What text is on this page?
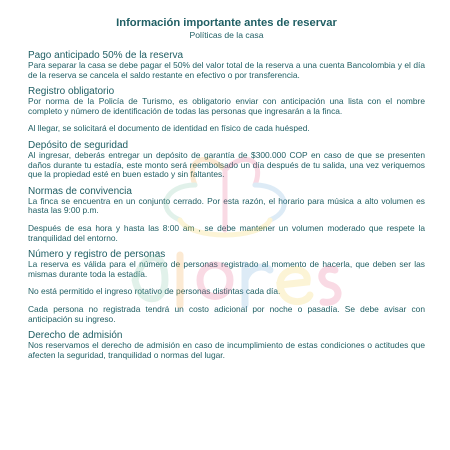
Información importante antes de reservar
Políticas de la casa
Pago anticipado 50% de la reserva

Para separar la casa se debe pagar el 50% del valor total de la reserva a una cuenta Bancolombia y el día de la reserva se cancela el saldo restante en efectivo o por transferencia.

Registro obligatorio

Por norma de la Policía de Turismo, es obligatorio enviar con anticipación una lista con el nombre completo y número de identificación de todas las personas que ingresarán a la finca.

Al llegar, se solicitará el documento de identidad en físico de cada huésped.

Depósito de seguridad

Al ingresar, deberás entregar un depósito de garantía de $300.000 COP en caso de que se presenten daños durante tu estadía, este monto será reembolsado un día después de tu salida, una vez veriquemos que la propiedad esté en buen estado y sin faltantes.

Normas de convivencia

La finca se encuentra en un conjunto cerrado. Por esta razón, el horario para música a alto volumen es hasta las 9:00 p.m.

Después de esa hora y hasta las 8:00 am , se debe mantener un volumen moderado que respete la tranquilidad del entorno.

Número y registro de personas

La reserva es válida para el número de personas registrado al momento de hacerla, que deben ser las mismas durante toda la estadía.

No está permitido el ingreso rotativo de personas distintas cada día.

Cada persona no registrada tendrá un costo adicional por noche o pasadía. Se debe avisar con anticipación su ingreso.

Derecho de admisión

Nos reservamos el derecho de admisión en caso de incumplimiento de estas condiciones o actitudes que afecten la seguridad, tranquilidad o normas del lugar.
